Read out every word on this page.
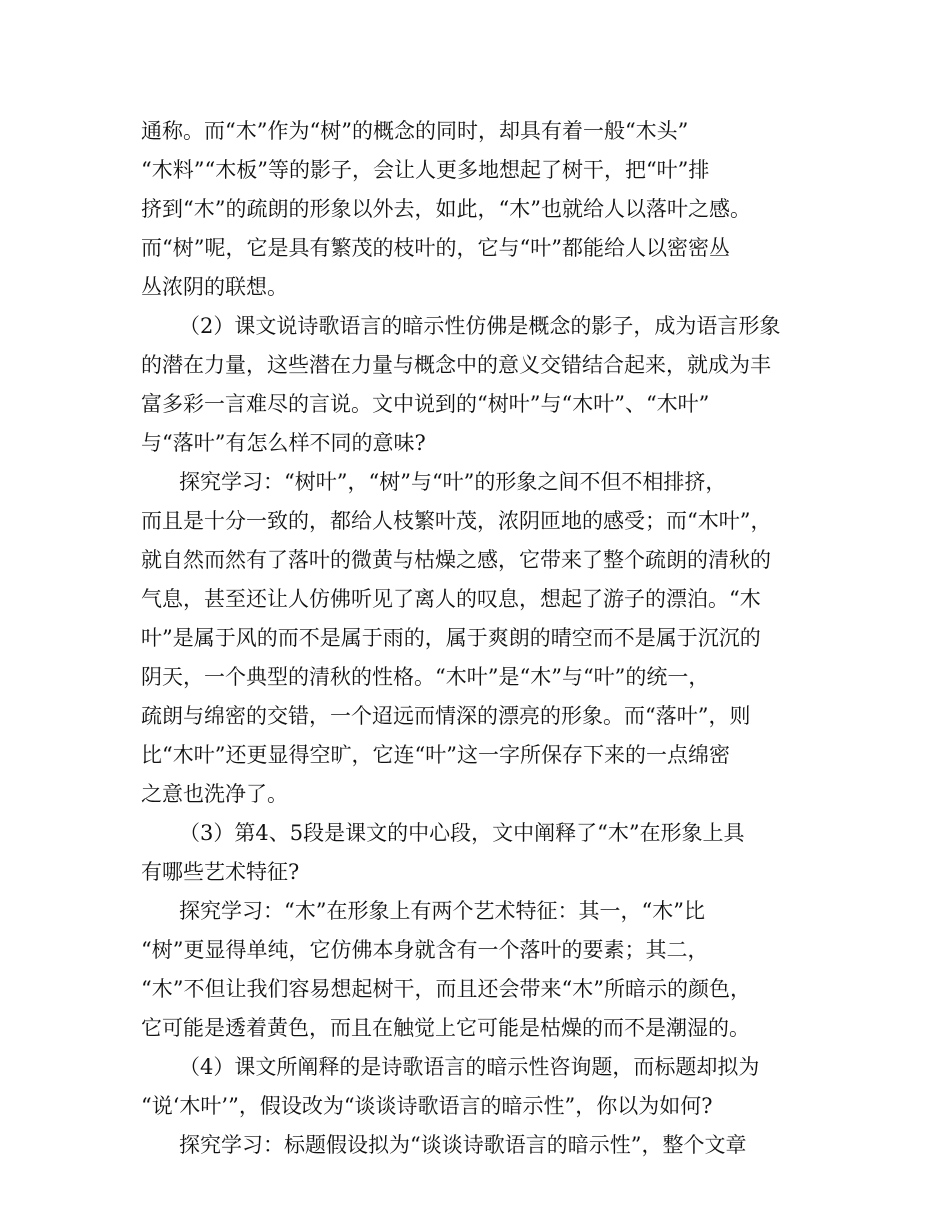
通称。而“木”作为“树”的概念的同时，却具有着一般“木头”
“木料”“木板”等的影子，会让人更多地想起了树干，把“叶”排
挤到“木”的疏朗的形象以外去，如此，“木”也就给人以落叶之感。
而“树”呢，它是具有繁茂的枝叶的，它与“叶”都能给人以密密丛
丛浓阴的联想。
（2）课文说诗歌语言的暗示性仿佛是概念的影子，成为语言形象
的潜在力量，这些潜在力量与概念中的意义交错结合起来，就成为丰
富多彩一言难尽的言说。文中说到的“树叶”与“木叶”、“木叶”
与“落叶”有怎么样不同的意味?
探究学习：“树叶”，“树”与“叶”的形象之间不但不相排挤，
而且是十分一致的，都给人枝繁叶茂，浓阴匝地的感受；而“木叶”，
就自然而然有了落叶的微黄与枯燥之感，它带来了整个疏朗的清秋的
气息，甚至还让人仿佛听见了离人的叹息，想起了游子的漂泊。“木
叶”是属于风的而不是属于雨的，属于爽朗的晴空而不是属于沉沉的
阴天，一个典型的清秋的性格。“木叶”是“木”与“叶”的统一，
疏朗与绵密的交错，一个迢远而情深的漂亮的形象。而“落叶”，则
比“木叶”还更显得空旷，它连“叶”这一字所保存下来的一点绵密
之意也洗净了。
（3）第4、5段是课文的中心段，文中阐释了“木”在形象上具
有哪些艺术特征?
探究学习：“木”在形象上有两个艺术特征：其一，“木”比
“树”更显得单纯，它仿佛本身就含有一个落叶的要素；其二，
“木”不但让我们容易想起树干，而且还会带来“木”所暗示的颜色，
它可能是透着黄色，而且在触觉上它可能是枯燥的而不是潮湿的。
（4）课文所阐释的是诗歌语言的暗示性咨询题，而标题却拟为
“说‘木叶’”，假设改为“谈谈诗歌语言的暗示性”，你以为如何?
探究学习：标题假设拟为“谈谈诗歌语言的暗示性”，整个文章
